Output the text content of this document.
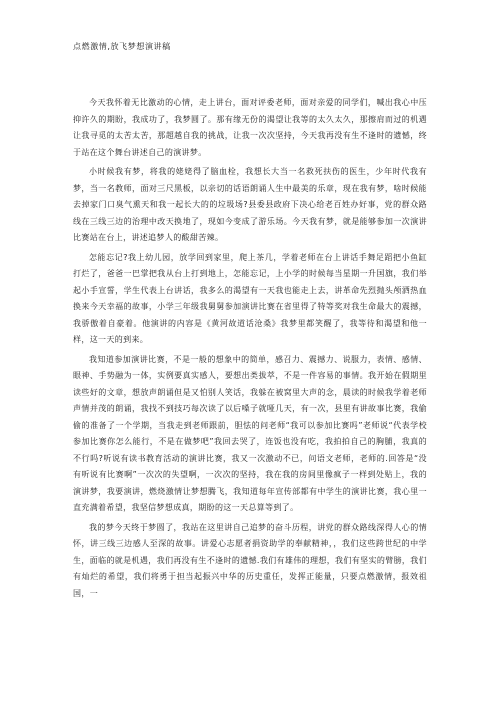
点燃激情,放飞梦想演讲稿

今天我怀着无比激动的心情，走上讲台，面对评委老师，面对亲爱的同学们，喊出我心中压抑许久的期盼，我成功了，我梦圆了。那有缘无份的渴望让我等的太久太久，那擦肩而过的机遇让我寻觅的太苦太苦，那超越自我的挑战，让我一次次坚持，今天我再没有生不逢时的遗憾，终于站在这个舞台讲述自己的演讲梦。

小时候我有梦，将我的姥姥得了脑血栓，我想长大当一名救死扶伤的医生，少年时代我有梦，当一名教师，面对三尺黑板，以亲切的话语朗诵人生中最美的乐章，现在我有梦，啥时候能去掉家门口臭气熏天和我一起长大的的垃圾场?县委县政府下决心给老百姓办好事，党的群众路线在三线三边的治理中改天换地了，现如今变成了游乐场。今天我有梦，就是能够参加一次演讲比赛站在台上，讲述追梦人的酸甜苦辣。

怎能忘记?我上幼儿园，放学回到家里，爬上茶几，学着老师在台上讲话手舞足蹈把小鱼缸打烂了，爸爸一巴掌把我从台上打到地上，怎能忘记，上小学的时候每当星期一升国旗，我们举起小手宣誓，学生代表上台讲话，我多么的渴望有一天我也能走上去，讲革命先烈抛头颅洒热血换来今天幸福的故事，小学三年级我舅舅参加演讲比赛在省里得了特等奖对我生命最大的震撼，我骄傲着自豪着。他演讲的内容是《黄河故道话沧桑》我梦里都笑醒了，我等待和渴望和他一样，这一天的到来。

我知道参加演讲比赛，不是一般的想象中的简单，感召力、震撼力、说服力，表情、感情、眼神、手势融为一体，实例要真实感人，要想出类拔萃，不是一件容易的事情。我开始在假期里读些好的文章，想放声朗诵但是又怕别人笑话，我躲在被窝里大声的念，晨读的时候我学着老师声情并茂的朗诵，我找不到技巧每次读了以后嗓子就哑几天，有一次，县里有讲故事比赛，我偷偷的准备了一个学期，当我走到老师跟前，胆怯的问老师“我可以参加比赛吗”老师说“代表学校参加比赛你怎么能行，不是在做梦吧”我回去哭了，连饭也没有吃，我拍拍自己的胸脯，我真的不行吗?听说有读书教育活动的演讲比赛，我又一次激动不已，问语文老师，老师的.回答是“没有听说有比赛啊”一次次的失望啊，一次次的坚持，我在我的房间里像疯子一样到处贴上，我的演讲梦，我要演讲，燃烧激情让梦想腾飞，我知道每年宣传部都有中学生的演讲比赛，我心里一直充满着希望，我坚信梦想成真，期盼的这一天总算等到了。

我的梦今天终于梦圆了，我站在这里讲自己追梦的奋斗历程，讲党的群众路线深得人心的情怀，讲三线三边感人至深的故事。讲爱心志愿者捐资助学的奉献精神，，我们这些跨世纪的中学生，面临的就是机遇，我们再没有生不逢时的遗憾.我们有雄伟的理想，我们有坚实的臂膀，我们有灿烂的希望，我们将勇于担当起振兴中华的历史重任，发挥正能量，只要点燃激情，报效祖国，一
